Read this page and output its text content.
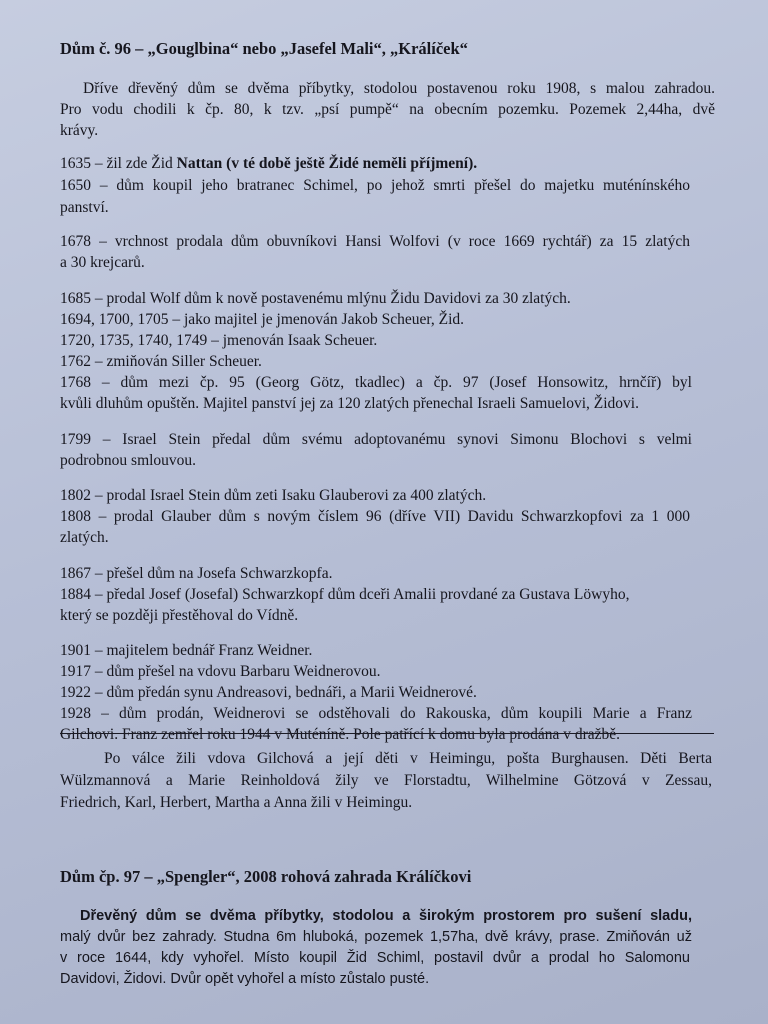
Dům č. 96 – „Gouglbina“ nebo „Jasefel Mali“, „Králíček“
Dříve dřevěný dům se dvěma příbytky, stodolou postavenou roku 1908, s malou zahradou.
Pro vodu chodili k čp. 80, k tzv. „psí pumpě“ na obecním pozemku. Pozemek 2,44ha, dvě
krávy.
1635 – žil zde Žid Nattan (v té době ještě Židé neměli příjmení).
1650 – dům koupil jeho bratranec Schimel, po jehož smrti přešel do majetku muténínského
panství.
1678 – vrchnost prodala dům obuvníkovi Hansi Wolfovi (v roce 1669 rychtář) za 15 zlatých
a 30 krejcarů.
1685 – prodal Wolf dům k nově postavenému mlýnu Židu Davidovi za 30 zlatých.
1694, 1700, 1705 – jako majitel je jmenován Jakob Scheuer, Žid.
1720, 1735, 1740, 1749 – jmenován Isaak Scheuer.
1762 – zmiňován Siller Scheuer.
1768 – dům mezi čp. 95 (Georg Götz, tkadlec) a čp. 97 (Josef Honsowitz, hrnčíř) byl
kvůli dluhům opuštěn. Majitel panství jej za 120 zlatých přenechal Israeli Samuelovi, Židovi.
1799 – Israel Stein předal dům svému adoptovanému synovi Simonu Blochovi s velmi
podrobnou smlouvou.
1802 – prodal Israel Stein dům zeti Isaku Glauberovi za 400 zlatých.
1808 – prodal Glauber dům s novým číslem 96 (dříve VII) Davidu Schwarzkopfovi za 1 000
zlatých.
1867 – přešel dům na Josefa Schwarzkopfa.
1884 – předal Josef (Josefal) Schwarzkopf dům dceři Amalii provdané za Gustava Löwyho,
který se později přestěhoval do Vídně.
1901 – majitelem bednář Franz Weidner.
1917 – dům přešel na vdovu Barbaru Weidnerovou.
1922 – dům předán synu Andreasovi, bednáři, a Marii Weidnerové.
1928 – dům prodán, Weidnerovi se odstěhovali do Rakouska, dům koupili Marie a Franz
Gilchovi. Franz zemřel roku 1944 v Muténíně. Pole patřící k domu byla prodána v dražbě.
Po válce žili vdova Gilchová a její děti v Heimingu, pošta Burghausen. Děti Berta
Wülzmannová a Marie Reinholdová žily ve Florstadtu, Wilhelmine Götzová v Zessau,
Friedrich, Karl, Herbert, Martha a Anna žili v Heimingu.
Dům čp. 97 – „Spengler“, 2008 rohová zahrada Králíčkovi
Dřevěný dům se dvěma příbytky, stodolou a širokým prostorem pro sušení sladu,
malý dvůr bez zahrady. Studna 6m hluboká, pozemek 1,57ha, dvě krávy, prase. Zmiňován už
v roce 1644, kdy vyhořel. Místo koupil Žid Schiml, postavil dvůr a prodal ho Salomonu
Davidovi, Židovi. Dvůr opět vyhořel a místo zůstalo pusté.
